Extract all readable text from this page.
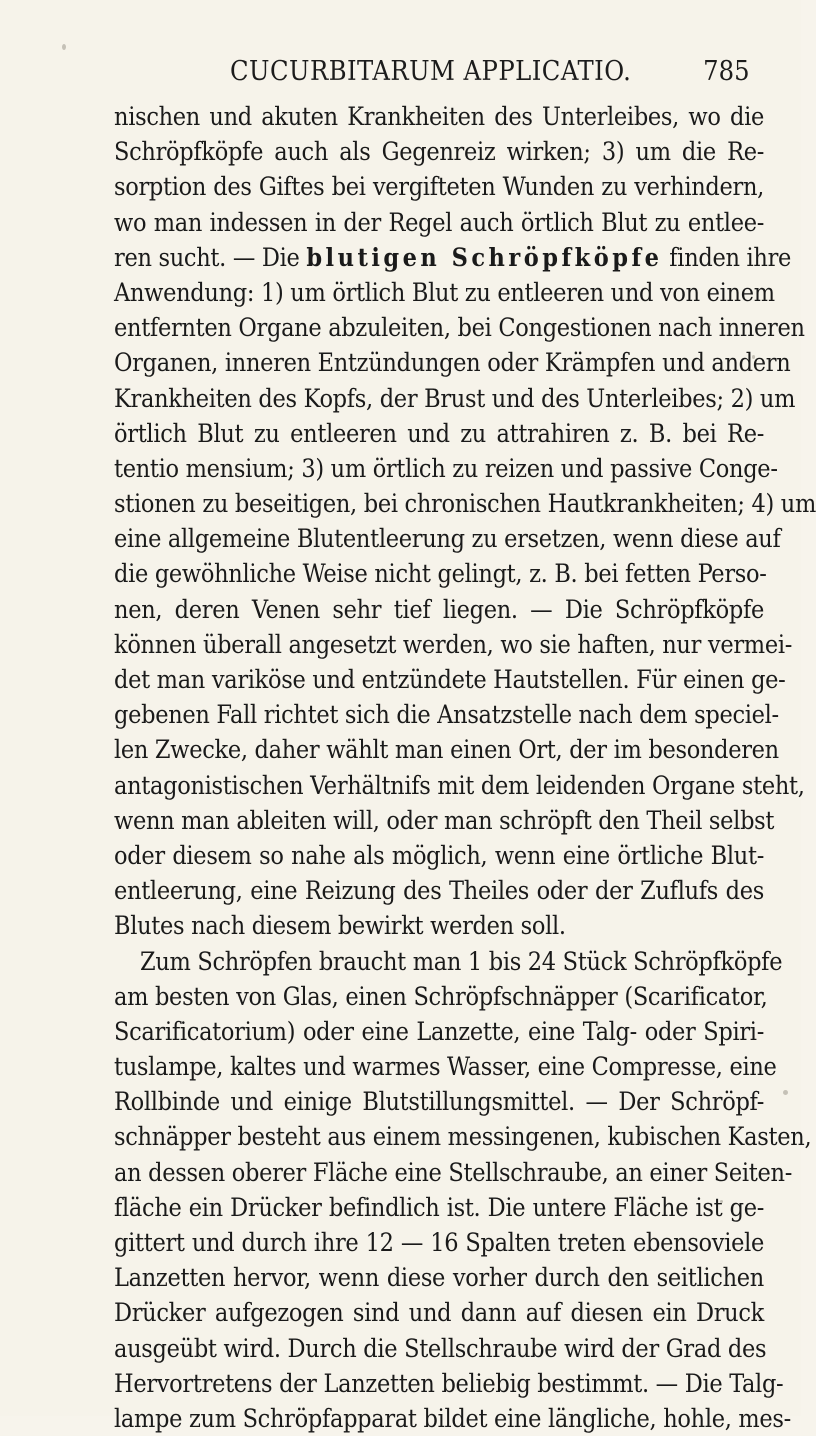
CUCURBITARUM APPLICATIO.	785
nischen und akuten Krankheiten des Unterleibes, wo die
Schröpfköpfe auch als Gegenreiz wirken; 3) um die Re-
sorption des Giftes bei vergifteten Wunden zu verhindern,
wo man indessen in der Regel auch örtlich Blut zu entlee-
ren sucht. — Die blutigen Schröpfköpfe finden ihre
Anwendung: 1) um örtlich Blut zu entleeren und von einem
entfernten Organe abzuleiten, bei Congestionen nach inneren
Organen, inneren Entzündungen oder Krämpfen und andern
Krankheiten des Kopfs, der Brust und des Unterleibes; 2) um
örtlich Blut zu entleeren und zu attrahiren z. B. bei Re-
tentio mensium; 3) um örtlich zu reizen und passive Conge-
stionen zu beseitigen, bei chronischen Hautkrankheiten; 4) um
eine allgemeine Blutentleerung zu ersetzen, wenn diese auf
die gewöhnliche Weise nicht gelingt, z. B. bei fetten Perso-
nen, deren Venen sehr tief liegen. — Die Schröpfköpfe
können überall angesetzt werden, wo sie haften, nur vermei-
det man variköse und entzündete Hautstellen. Für einen ge-
gebenen Fall richtet sich die Ansatzstelle nach dem speciel-
len Zwecke, daher wählt man einen Ort, der im besonderen
antagonistischen Verhältnifs mit dem leidenden Organe steht,
wenn man ableiten will, oder man schröpft den Theil selbst
oder diesem so nahe als möglich, wenn eine örtliche Blut-
entleerung, eine Reizung des Theiles oder der Zuflufs des
Blutes nach diesem bewirkt werden soll.
Zum Schröpfen braucht man 1 bis 24 Stück Schröpfköpfe
am besten von Glas, einen Schröpfschnäpper (Scarificator,
Scarificatorium) oder eine Lanzette, eine Talg- oder Spiri-
tuslampe, kaltes und warmes Wasser, eine Compresse, eine
Rollbinde und einige Blutstillungsmittel. — Der Schröpf-
schnäpper besteht aus einem messingenen, kubischen Kasten,
an dessen oberer Fläche eine Stellschraube, an einer Seiten-
fläche ein Drücker befindlich ist. Die untere Fläche ist ge-
gittert und durch ihre 12 — 16 Spalten treten ebensoviele
Lanzetten hervor, wenn diese vorher durch den seitlichen
Drücker aufgezogen sind und dann auf diesen ein Druck
ausgeübt wird. Durch die Stellschraube wird der Grad des
Hervortretens der Lanzetten beliebig bestimmt. — Die Talg-
lampe zum Schröpfapparat bildet eine längliche, hohle, mes-
